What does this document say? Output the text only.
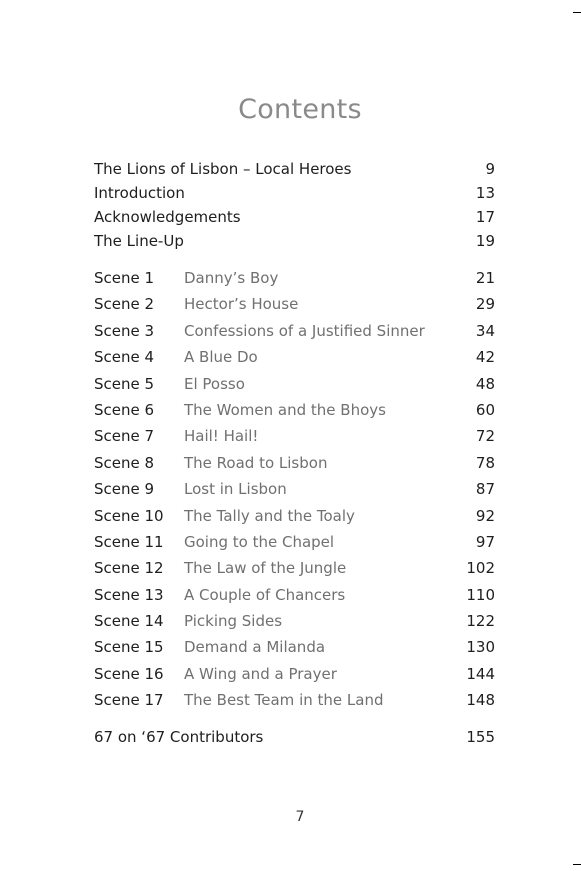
Contents
The Lions of Lisbon – Local Heroes	9
Introduction	13
Acknowledgements	17
The Line-Up	19
Scene 1 Danny’s Boy	21
Scene 2 Hector’s House	29
Scene 3 Confessions of a Justified Sinner	34
Scene 4 A Blue Do	42
Scene 5 El Posso	48
Scene 6 The Women and the Bhoys	60
Scene 7 Hail! Hail!	72
Scene 8 The Road to Lisbon	78
Scene 9 Lost in Lisbon	87
Scene 10 The Tally and the Toaly	92
Scene 11 Going to the Chapel	97
Scene 12 The Law of the Jungle	102
Scene 13 A Couple of Chancers	110
Scene 14 Picking Sides	122
Scene 15 Demand a Milanda	130
Scene 16 A Wing and a Prayer	144
Scene 17 The Best Team in the Land	148
67 on ‘67 Contributors	155
7
